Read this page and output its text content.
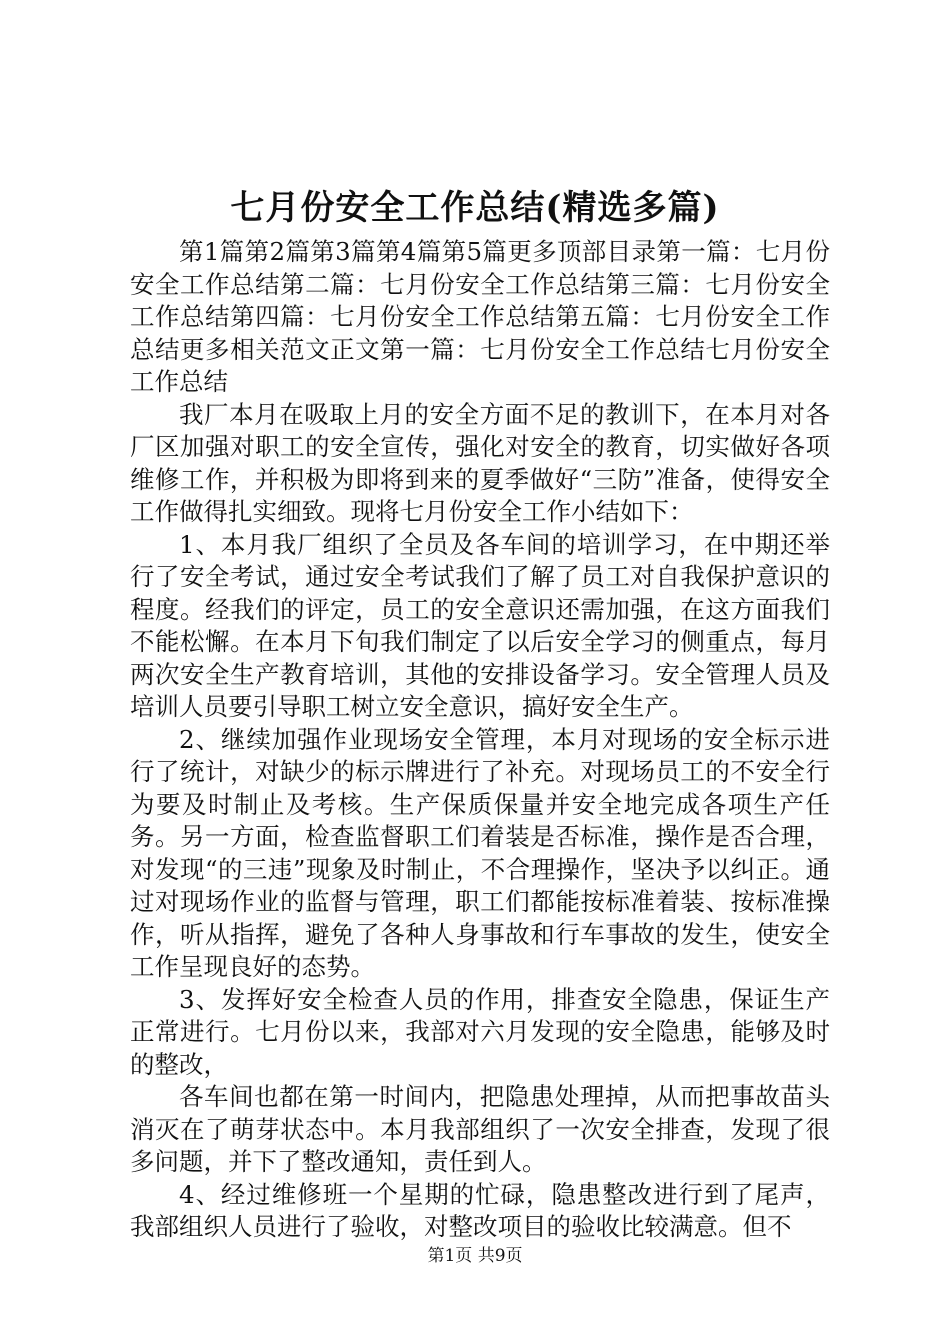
七月份安全工作总结(精选多篇)

第1篇第2篇第3篇第4篇第5篇更多顶部目录第一篇：七月份安全工作总结第二篇：七月份安全工作总结第三篇：七月份安全工作总结第四篇：七月份安全工作总结第五篇：七月份安全工作总结更多相关范文正文第一篇：七月份安全工作总结七月份安全工作总结

我厂本月在吸取上月的安全方面不足的教训下，在本月对各厂区加强对职工的安全宣传，强化对安全的教育，切实做好各项维修工作，并积极为即将到来的夏季做好“三防”准备，使得安全工作做得扎实细致。现将七月份安全工作小结如下：

1、本月我厂组织了全员及各车间的培训学习，在中期还举行了安全考试，通过安全考试我们了解了员工对自我保护意识的程度。经我们的评定，员工的安全意识还需加强，在这方面我们不能松懈。在本月下旬我们制定了以后安全学习的侧重点，每月两次安全生产教育培训，其他的安排设备学习。安全管理人员及培训人员要引导职工树立安全意识，搞好安全生产。

2、继续加强作业现场安全管理，本月对现场的安全标示进行了统计，对缺少的标示牌进行了补充。对现场员工的不安全行为要及时制止及考核。生产保质保量并安全地完成各项生产任务。另一方面，检查监督职工们着装是否标准，操作是否合理，对发现“的三违”现象及时制止，不合理操作，坚决予以纠正。通过对现场作业的监督与管理，职工们都能按标准着装、按标准操作，听从指挥，避免了各种人身事故和行车事故的发生，使安全工作呈现良好的态势。

3、发挥好安全检查人员的作用，排查安全隐患，保证生产正常进行。七月份以来，我部对六月发现的安全隐患，能够及时的整改，

各车间也都在第一时间内，把隐患处理掉，从而把事故苗头消灭在了萌芽状态中。本月我部组织了一次安全排查，发现了很多问题，并下了整改通知，责任到人。

4、经过维修班一个星期的忙碌，隐患整改进行到了尾声，我部组织人员进行了验收，对整改项目的验收比较满意。但不

第1页 共9页
